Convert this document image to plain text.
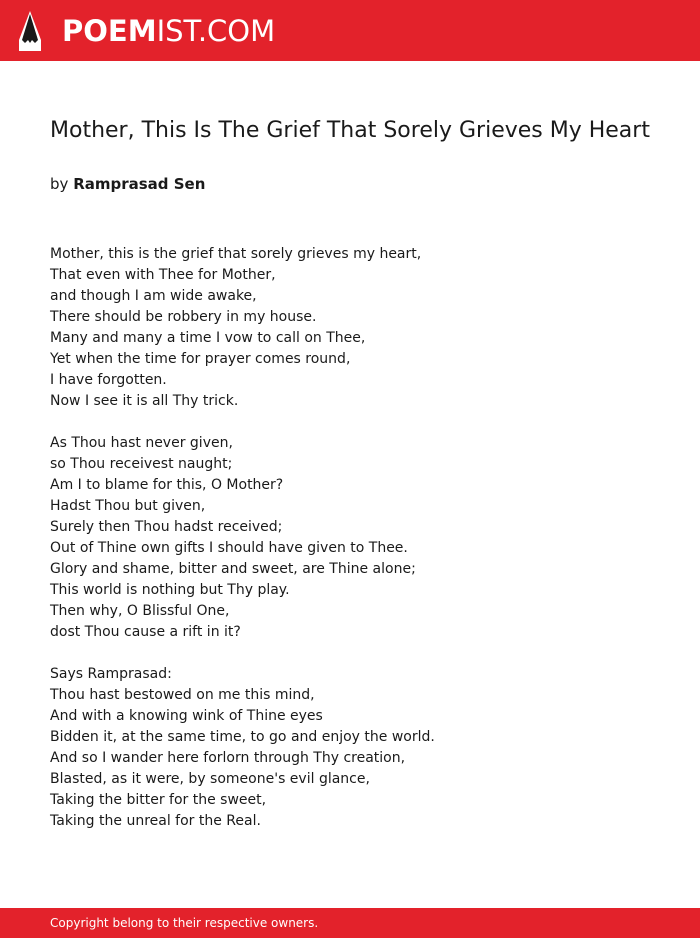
POEMIST.COM
Mother, This Is The Grief That Sorely Grieves My Heart
by Ramprasad Sen
Mother, this is the grief that sorely grieves my heart,
That even with Thee for Mother,
and though I am wide awake,
There should be robbery in my house.
Many and many a time I vow to call on Thee,
Yet when the time for prayer comes round,
I have forgotten.
Now I see it is all Thy trick.
As Thou hast never given,
so Thou receivest naught;
Am I to blame for this, O Mother?
Hadst Thou but given,
Surely then Thou hadst received;
Out of Thine own gifts I should have given to Thee.
Glory and shame, bitter and sweet, are Thine alone;
This world is nothing but Thy play.
Then why, O Blissful One,
dost Thou cause a rift in it?
Says Ramprasad:
Thou hast bestowed on me this mind,
And with a knowing wink of Thine eyes
Bidden it, at the same time, to go and enjoy the world.
And so I wander here forlorn through Thy creation,
Blasted, as it were, by someone's evil glance,
Taking the bitter for the sweet,
Taking the unreal for the Real.
Copyright belong to their respective owners.
